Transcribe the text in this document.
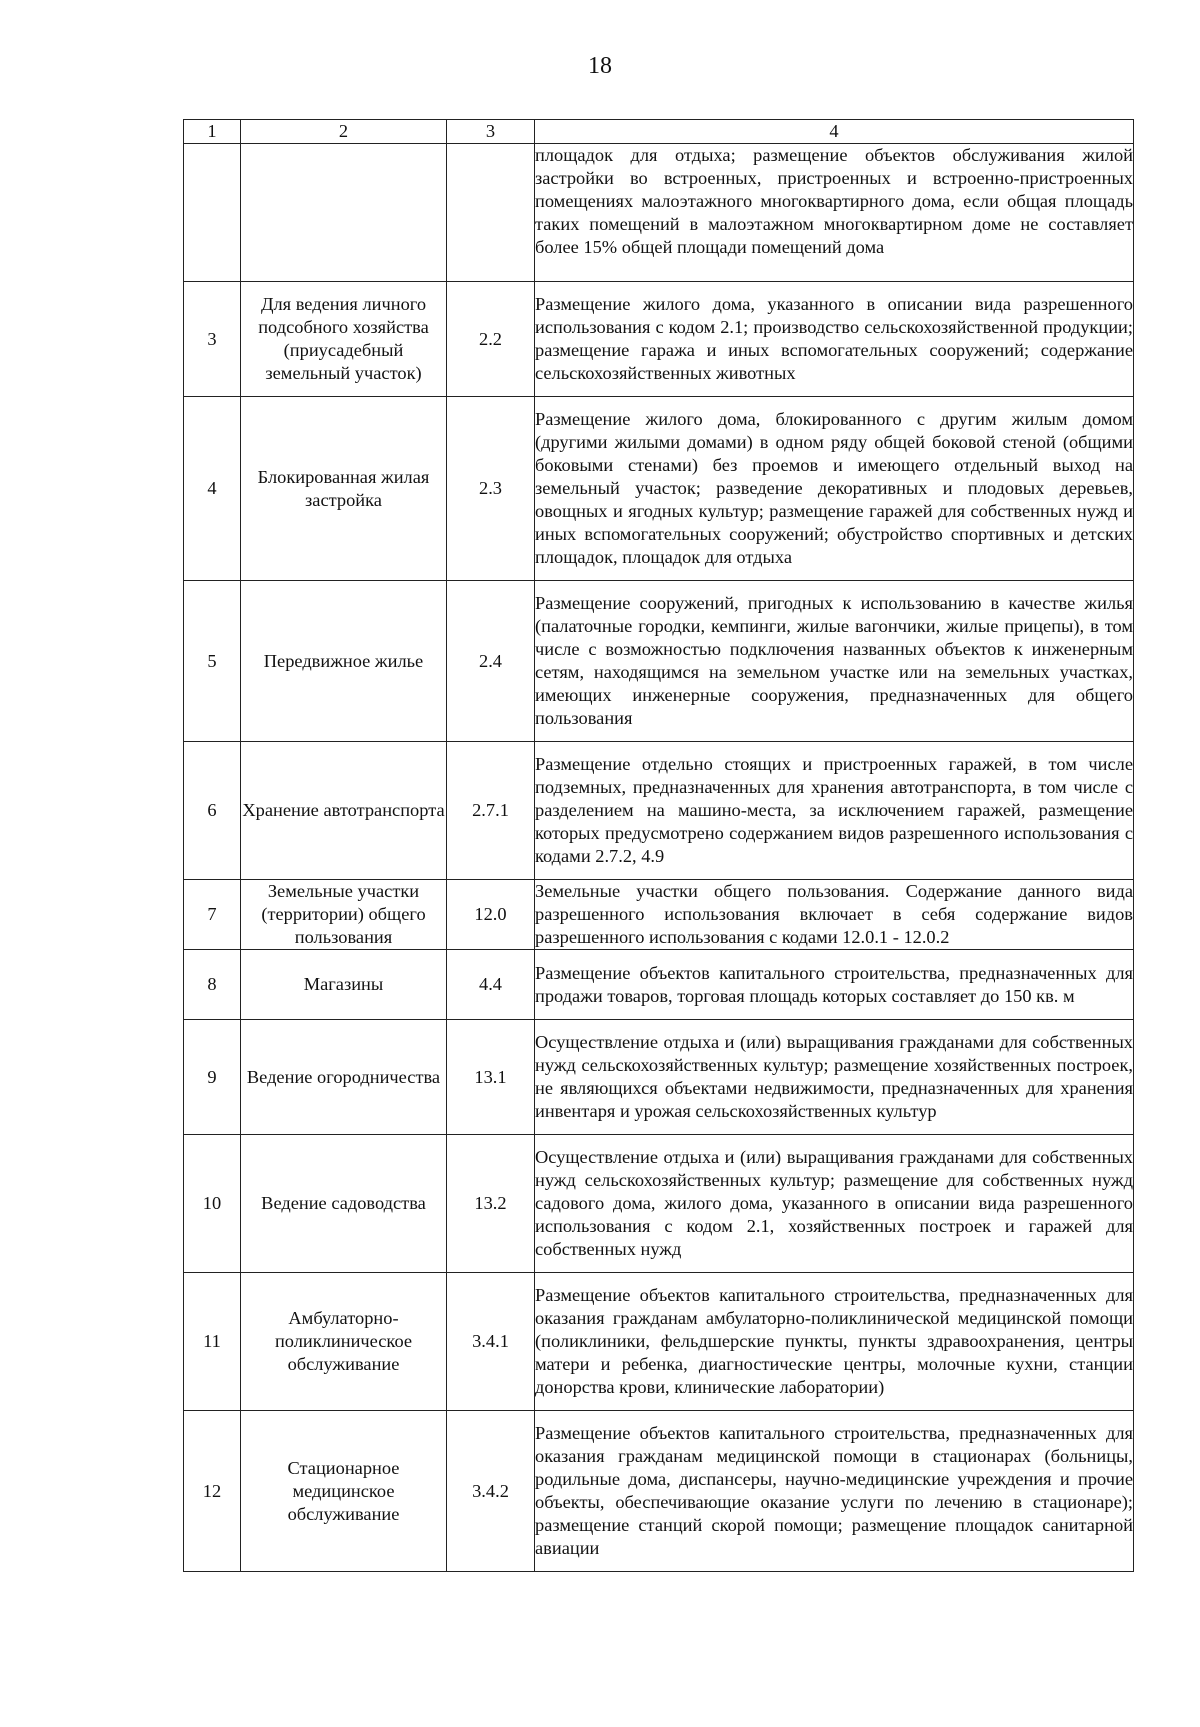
18
1	2	3	4
			площадок для отдыха; размещение объектов обслуживания жилой застройки во встроенных, пристроенных и встроенно-пристроенных помещениях малоэтажного многоквартирного дома, если общая площадь таких помещений в малоэтажном многоквартирном доме не составляет более 15% общей площади помещений дома
3	Для ведения личного подсобного хозяйства (приусадебный земельный участок)	2.2	Размещение жилого дома, указанного в описании вида разрешенного использования с кодом 2.1; производство сельскохозяйственной продукции; размещение гаража и иных вспомогательных сооружений; содержание сельскохозяйственных животных
4	Блокированная жилая застройка	2.3	Размещение жилого дома, блокированного с другим жилым домом (другими жилыми домами) в одном ряду общей боковой стеной (общими боковыми стенами) без проемов и имеющего отдельный выход на земельный участок; разведение декоративных и плодовых деревьев, овощных и ягодных культур; размещение гаражей для собственных нужд и иных вспомогательных сооружений; обустройство спортивных и детских площадок, площадок для отдыха
5	Передвижное жилье	2.4	Размещение сооружений, пригодных к использованию в качестве жилья (палаточные городки, кемпинги, жилые вагончики, жилые прицепы), в том числе с возможностью подключения названных объектов к инженерным сетям, находящимся на земельном участке или на земельных участках, имеющих инженерные сооружения, предназначенных для общего пользования
6	Хранение автотранспорта	2.7.1	Размещение отдельно стоящих и пристроенных гаражей, в том числе подземных, предназначенных для хранения автотранспорта, в том числе с разделением на машино-места, за исключением гаражей, размещение которых предусмотрено содержанием видов разрешенного использования с кодами 2.7.2, 4.9
7	Земельные участки (территории) общего пользования	12.0	Земельные участки общего пользования. Содержание данного вида разрешенного использования включает в себя содержание видов разрешенного использования с кодами 12.0.1 - 12.0.2
8	Магазины	4.4	Размещение объектов капитального строительства, предназначенных для продажи товаров, торговая площадь которых составляет до 150 кв. м
9	Ведение огородничества	13.1	Осуществление отдыха и (или) выращивания гражданами для собственных нужд сельскохозяйственных культур; размещение хозяйственных построек, не являющихся объектами недвижимости, предназначенных для хранения инвентаря и урожая сельскохозяйственных культур
10	Ведение садоводства	13.2	Осуществление отдыха и (или) выращивания гражданами для собственных нужд сельскохозяйственных культур; размещение для собственных нужд садового дома, жилого дома, указанного в описании вида разрешенного использования с кодом 2.1, хозяйственных построек и гаражей для собственных нужд
11	Амбулаторно-поликлиническое обслуживание	3.4.1	Размещение объектов капитального строительства, предназначенных для оказания гражданам амбулаторно-поликлинической медицинской помощи (поликлиники, фельдшерские пункты, пункты здравоохранения, центры матери и ребенка, диагностические центры, молочные кухни, станции донорства крови, клинические лаборатории)
12	Стационарное медицинское обслуживание	3.4.2	Размещение объектов капитального строительства, предназначенных для оказания гражданам медицинской помощи в стационарах (больницы, родильные дома, диспансеры, научно-медицинские учреждения и прочие объекты, обеспечивающие оказание услуги по лечению в стационаре); размещение станций скорой помощи; размещение площадок санитарной авиации
